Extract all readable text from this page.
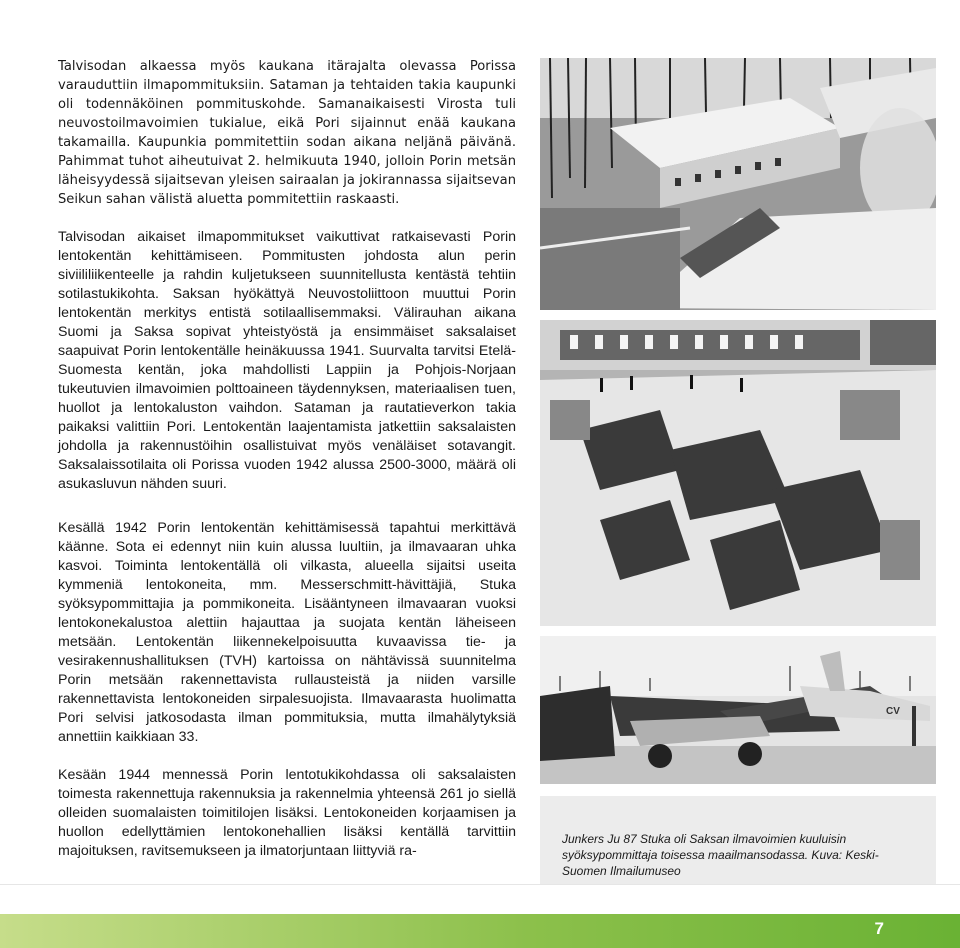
Talvisodan alkaessa myös kaukana itärajalta olevassa Porissa varauduttiin ilmapommituksiin. Sataman ja tehtaiden takia kaupunki oli todennäköinen pommituskohde. Samanaikaisesti Virosta tuli neuvostoilmavoimien tukialue, eikä Pori sijainnut enää kaukana takamailla. Kaupunkia pommitettiin sodan aikana neljänä päivänä. Pahimmat tuhot aiheutuivat 2. helmikuuta 1940, jolloin Porin metsän läheisyydessä sijaitsevan yleisen sairaalan ja jokirannassa sijaitsevan Seikun sahan välistä aluetta pommitettiin raskaasti.

Talvisodan aikaiset ilmapommitukset vaikuttivat ratkaisevasti Porin lentokentän kehittämiseen. Pommitusten johdosta alun perin siviililiikenteelle ja rahdin kuljetukseen suunnitellusta kentästä tehtiin sotilastukikohta. Saksan hyökättyä Neuvostoliittoon muuttui Porin lentokentän merkitys entistä sotilaallisemmaksi. Välirauhan aikana Suomi ja Saksa sopivat yhteistyöstä ja ensimmäiset saksalaiset saapuivat Porin lentokentälle heinäkuussa 1941. Suurvalta tarvitsi Etelä-Suomesta kentän, joka mahdollisti Lappiin ja Pohjois-Norjaan tukeutuvien ilmavoimien polttoaineen täydennyksen, materiaalisen tuen, huollot ja lentokaluston vaihdon. Sataman ja rautatieverkon takia paikaksi valittiin Pori. Lentokentän laajentamista jatkettiin saksalaisten johdolla ja rakennustöihin osallistuivat myös venäläiset sotavangit. Saksalaissotilaita oli Porissa vuoden 1942 alussa 2500-3000, määrä oli asukasluvun nähden suuri.

Kesällä 1942 Porin lentokentän kehittämisessä tapahtui merkittävä käänne. Sota ei edennyt niin kuin alussa luultiin, ja ilmavaaran uhka kasvoi. Toiminta lentokentällä oli vilkasta, alueella sijaitsi useita kymmeniä lentokoneita, mm. Messerschmitt-hävittäjiä, Stuka syöksypommittajia ja pommikoneita. Lisääntyneen ilmavaaran vuoksi lentokonekalustoa alettiin hajauttaa ja suojata kentän läheiseen metsään. Lentokentän liikennekelpoisuutta kuvaavissa tie- ja vesirakennushallituksen (TVH) kartoissa on nähtävissä suunnitelma Porin metsään rakennettavista rullausteistä ja niiden varsille rakennettavista lentokoneiden sirpalesuojista. Ilmavaarasta huolimatta Pori selvisi jatkosodasta ilman pommituksia, mutta ilmahälytyksiä annettiin kaikkiaan 33.

Kesään 1944 mennessä Porin lentotukikohdassa oli saksalaisten toimesta rakennettuja rakennuksia ja rakennelmia yhteensä 261 jo siellä olleiden suomalaisten toimitilojen lisäksi. Lentokoneiden korjaamisen ja huollon edellyttämien lentokonehallien lisäksi kentällä tarvittiin majoituksen, ravitsemukseen ja ilmatorjuntaan liittyviä ra-

CV
Junkers Ju 87 Stuka oli Saksan ilmavoimien kuuluisin syöksypommittaja toisessa maailmansodassa. Kuva: Keski-Suomen Ilmailumuseo
7
